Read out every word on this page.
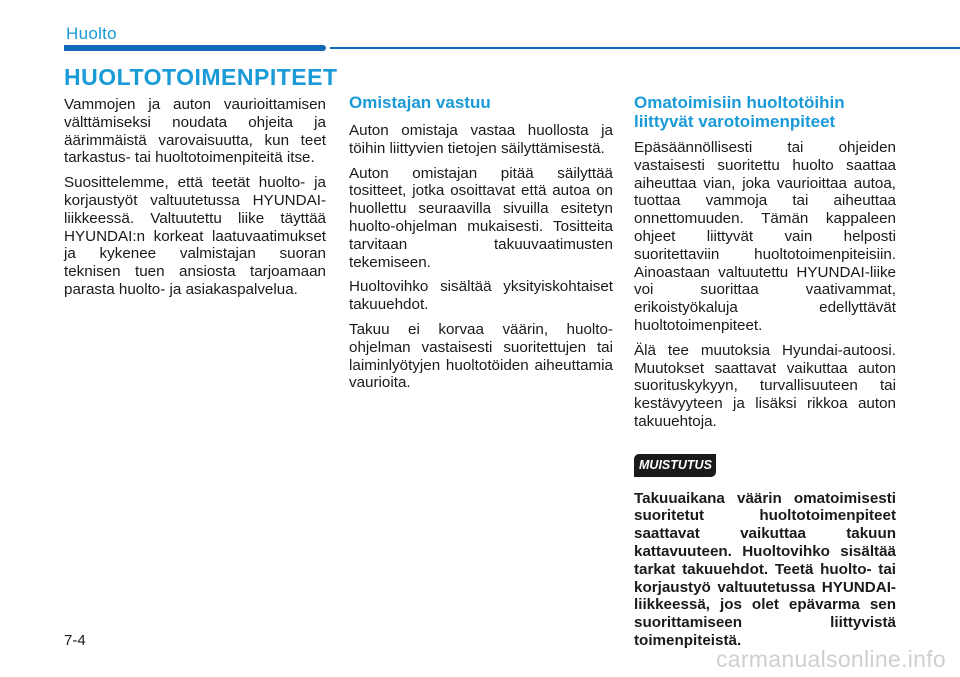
Huolto
HUOLTOTOIMENPITEET

Vammojen ja auton vaurioittamisen välttämiseksi noudata ohjeita ja äärimmäistä varovaisuutta, kun teet tarkastus- tai huoltotoimenpiteitä itse.

Suosittelemme, että teetät huolto- ja korjaustyöt valtuutetussa HYUNDAI-liikkeessä. Valtuutettu liike täyttää HYUNDAI:n korkeat laatuvaatimukset ja kykenee valmistajan suoran teknisen tuen ansiosta tarjoamaan parasta huolto- ja asiakaspalvelua.

Omistajan vastuu

Auton omistaja vastaa huollosta ja töihin liittyvien tietojen säilyttämisestä.

Auton omistajan pitää säilyttää tositteet, jotka osoittavat että autoa on huollettu seuraavilla sivuilla esitetyn huolto-ohjelman mukaisesti. Tositteita tarvitaan takuuvaatimusten tekemiseen.

Huoltovihko sisältää yksityiskohtaiset takuuehdot.

Takuu ei korvaa väärin, huolto-ohjelman vastaisesti suoritettujen tai laiminlyötyjen huoltotöiden aiheuttamia vaurioita.

Omatoimisiin huoltotöihin liittyvät varotoimenpiteet

Epäsäännöllisesti tai ohjeiden vastaisesti suoritettu huolto saattaa aiheuttaa vian, joka vaurioittaa autoa, tuottaa vammoja tai aiheuttaa onnettomuuden. Tämän kappaleen ohjeet liittyvät vain helposti suoritettaviin huoltotoimenpiteisiin. Ainoastaan valtuutettu HYUNDAI-liike voi suorittaa vaativammat, erikoistyökaluja edellyttävät huoltotoimenpiteet.

Älä tee muutoksia Hyundai-autoosi. Muutokset saattavat vaikuttaa auton suorituskykyyn, turvallisuuteen tai kestävyyteen ja lisäksi rikkoa auton takuuehtoja.

MUISTUTUS

Takuuaikana väärin omatoimisesti suoritetut huoltotoimenpiteet saattavat vaikuttaa takuun kattavuuteen. Huoltovihko sisältää tarkat takuuehdot. Teetä huolto- tai korjaustyö valtuutetussa HYUNDAI-liikkeessä, jos olet epävarma sen suorittamiseen liittyvistä toimenpiteistä.

7-4
carmanualsonline.info
